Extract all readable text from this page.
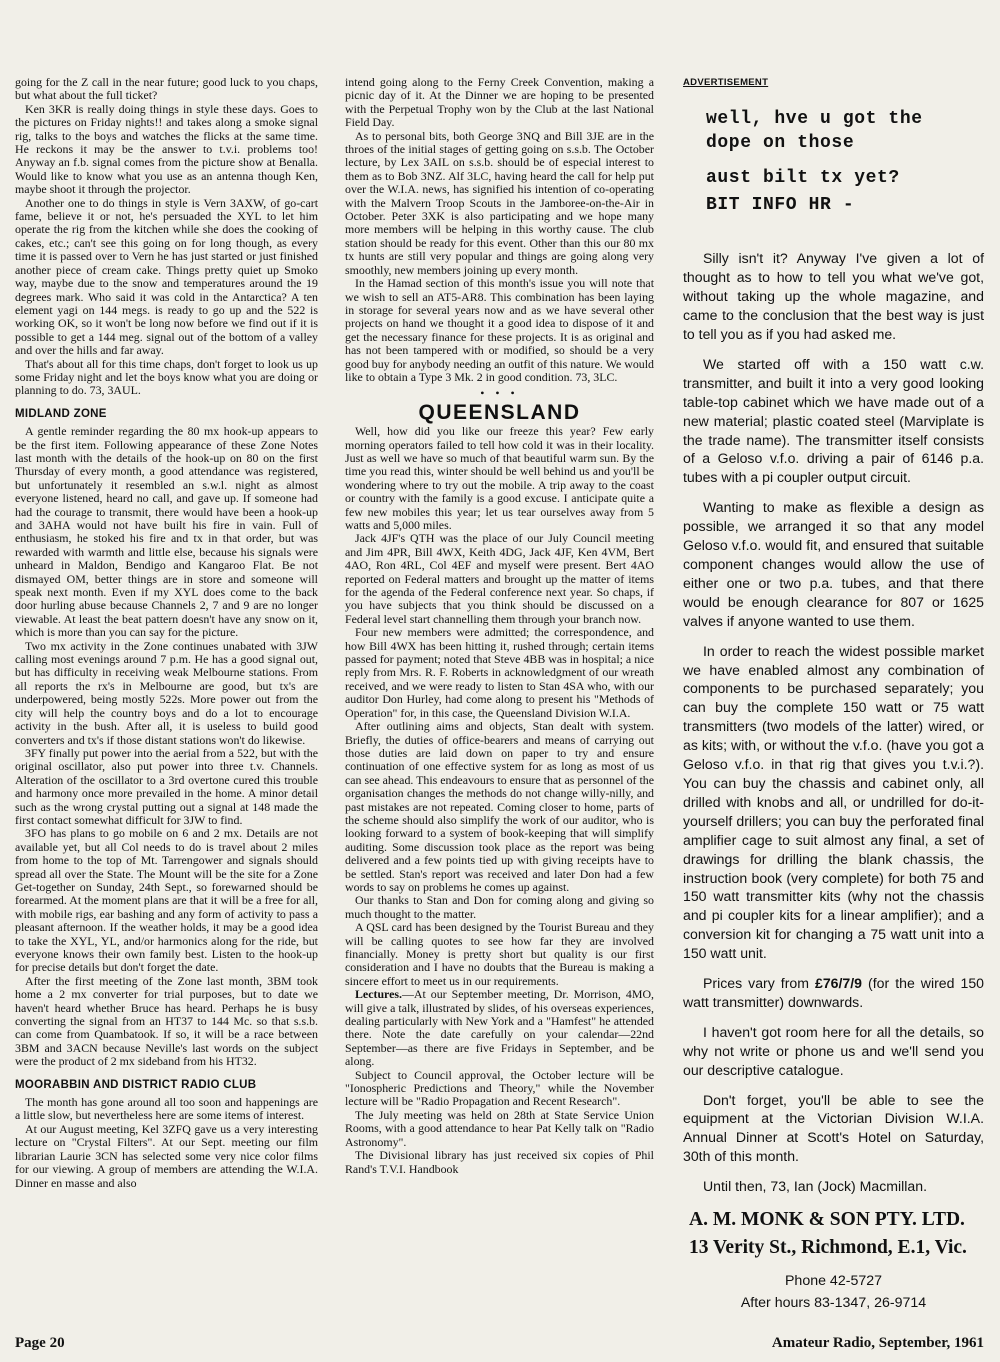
going for the Z call in the near future; good luck to you chaps, but what about the full ticket?

Ken 3KR is really doing things in style these days. Goes to the pictures on Friday nights!! and takes along a smoke signal rig, talks to the boys and watches the flicks at the same time. He reckons it may be the answer to t.v.i. problems too! Anyway an f.b. signal comes from the picture show at Benalla. Would like to know what you use as an antenna though Ken, maybe shoot it through the projector.

Another one to do things in style is Vern 3AXW, of go-cart fame, believe it or not, he's persuaded the XYL to let him operate the rig from the kitchen while she does the cooking of cakes, etc.; can't see this going on for long though, as every time it is passed over to Vern he has just started or just finished another piece of cream cake. Things pretty quiet up Smoko way, maybe due to the snow and temperatures around the 19 degrees mark. Who said it was cold in the Antarctica? A ten element yagi on 144 megs. is ready to go up and the 522 is working OK, so it won't be long now before we find out if it is possible to get a 144 meg. signal out of the bottom of a valley and over the hills and far away.

That's about all for this time chaps, don't forget to look us up some Friday night and let the boys know what you are doing or planning to do. 73, 3AUL.

MIDLAND ZONE

A gentle reminder regarding the 80 mx hook-up appears to be the first item. Following appearance of these Zone Notes last month with the details of the hook-up on 80 on the first Thursday of every month, a good attendance was registered, but unfortunately it resembled an s.w.l. night as almost everyone listened, heard no call, and gave up. If someone had had the courage to transmit, there would have been a hook-up and 3AHA would not have built his fire in vain. Full of enthusiasm, he stoked his fire and tx in that order, but was rewarded with warmth and little else, because his signals were unheard in Maldon, Bendigo and Kangaroo Flat. Be not dismayed OM, better things are in store and someone will speak next month. Even if my XYL does come to the back door hurling abuse because Channels 2, 7 and 9 are no longer viewable. At least the beat pattern doesn't have any snow on it, which is more than you can say for the picture.

Two mx activity in the Zone continues unabated with 3JW calling most evenings around 7 p.m. He has a good signal out, but has difficulty in receiving weak Melbourne stations. From all reports the rx's in Melbourne are good, but tx's are underpowered, being mostly 522s. More power out from the city will help the country boys and do a lot to encourage activity in the bush. After all, it is useless to build good converters and tx's if those distant stations won't do likewise.

3FY finally put power into the aerial from a 522, but with the original oscillator, also put power into three t.v. Channels. Alteration of the oscillator to a 3rd overtone cured this trouble and harmony once more prevailed in the home. A minor detail such as the wrong crystal putting out a signal at 148 made the first contact somewhat difficult for 3JW to find.

3FO has plans to go mobile on 6 and 2 mx. Details are not available yet, but all Col needs to do is travel about 2 miles from home to the top of Mt. Tarrengower and signals should spread all over the State. The Mount will be the site for a Zone Get-together on Sunday, 24th Sept., so forewarned should be forearmed. At the moment plans are that it will be a free for all, with mobile rigs, ear bashing and any form of activity to pass a pleasant afternoon. If the weather holds, it may be a good idea to take the XYL, YL, and/or harmonics along for the ride, but everyone knows their own family best. Listen to the hook-up for precise details but don't forget the date.

After the first meeting of the Zone last month, 3BM took home a 2 mx converter for trial purposes, but to date we haven't heard whether Bruce has heard. Perhaps he is busy converting the signal from an HT37 to 144 Mc. so that s.s.b. can come from Quambatook. If so, it will be a race between 3BM and 3ACN because Neville's last words on the subject were the product of 2 mx sideband from his HT32.

MOORABBIN AND DISTRICT RADIO CLUB

The month has gone around all too soon and happenings are a little slow, but nevertheless here are some items of interest.

At our August meeting, Kel 3ZFQ gave us a very interesting lecture on "Crystal Filters". At our Sept. meeting our film librarian Laurie 3CN has selected some very nice color films for our viewing. A group of members are attending the W.I.A. Dinner en masse and also

intend going along to the Ferny Creek Convention, making a picnic day of it. At the Dinner we are hoping to be presented with the Perpetual Trophy won by the Club at the last National Field Day.

As to personal bits, both George 3NQ and Bill 3JE are in the throes of the initial stages of getting going on s.s.b. The October lecture, by Lex 3AIL on s.s.b. should be of especial interest to them as to Bob 3NZ. Alf 3LC, having heard the call for help put over the W.I.A. news, has signified his intention of co-operating with the Malvern Troop Scouts in the Jamboree-on-the-Air in October. Peter 3XK is also participating and we hope many more members will be helping in this worthy cause. The club station should be ready for this event. Other than this our 80 mx tx hunts are still very popular and things are going along very smoothly, new members joining up every month.

In the Hamad section of this month's issue you will note that we wish to sell an AT5-AR8. This combination has been laying in storage for several years now and as we have several other projects on hand we thought it a good idea to dispose of it and get the necessary finance for these projects. It is as original and has not been tampered with or modified, so should be a very good buy for anybody needing an outfit of this nature. We would like to obtain a Type 3 Mk. 2 in good condition. 73, 3LC.

• • •
QUEENSLAND

Well, how did you like our freeze this year? Few early morning operators failed to tell how cold it was in their locality. Just as well we have so much of that beautiful warm sun. By the time you read this, winter should be well behind us and you'll be wondering where to try out the mobile. A trip away to the coast or country with the family is a good excuse. I anticipate quite a few new mobiles this year; let us tear ourselves away from 5 watts and 5,000 miles.

Jack 4JF's QTH was the place of our July Council meeting and Jim 4PR, Bill 4WX, Keith 4DG, Jack 4JF, Ken 4VM, Bert 4AO, Ron 4RL, Col 4EF and myself were present. Bert 4AO reported on Federal matters and brought up the matter of items for the agenda of the Federal conference next year. So chaps, if you have subjects that you think should be discussed on a Federal level start channelling them through your branch now.

Four new members were admitted; the correspondence, and how Bill 4WX has been hitting it, rushed through; certain items passed for payment; noted that Steve 4BB was in hospital; a nice reply from Mrs. R. F. Roberts in acknowledgment of our wreath received, and we were ready to listen to Stan 4SA who, with our auditor Don Hurley, had come along to present his "Methods of Operation" for, in this case, the Queensland Division W.I.A.

After outlining aims and objects, Stan dealt with system. Briefly, the duties of office-bearers and means of carrying out those duties are laid down on paper to try and ensure continuation of one effective system for as long as most of us can see ahead. This endeavours to ensure that as personnel of the organisation changes the methods do not change willy-nilly, and past mistakes are not repeated. Coming closer to home, parts of the scheme should also simplify the work of our auditor, who is looking forward to a system of book-keeping that will simplify auditing. Some discussion took place as the report was being delivered and a few points tied up with giving receipts have to be settled. Stan's report was received and later Don had a few words to say on problems he comes up against.

Our thanks to Stan and Don for coming along and giving so much thought to the matter.

A QSL card has been designed by the Tourist Bureau and they will be calling quotes to see how far they are involved financially. Money is pretty short but quality is our first consideration and I have no doubts that the Bureau is making a sincere effort to meet us in our requirements.

Lectures.—At our September meeting, Dr. Morrison, 4MO, will give a talk, illustrated by slides, of his overseas experiences, dealing particularly with New York and a "Hamfest" he attended there. Note the date carefully on your calendar—22nd September—as there are five Fridays in September, and be along.

Subject to Council approval, the October lecture will be "Ionospheric Predictions and Theory," while the November lecture will be "Radio Propagation and Recent Research".

The July meeting was held on 28th at State Service Union Rooms, with a good attendance to hear Pat Kelly talk on "Radio Astronomy".

The Divisional library has just received six copies of Phil Rand's T.V.I. Handbook

ADVERTISEMENT
well, hve u got the
dope on those
aust bilt tx yet?
BIT INFO HR -

Silly isn't it? Anyway I've given a lot of thought as to how to tell you what we've got, without taking up the whole magazine, and came to the conclusion that the best way is just to tell you as if you had asked me.

We started off with a 150 watt c.w. transmitter, and built it into a very good looking table-top cabinet which we have made out of a new material; plastic coated steel (Marviplate is the trade name). The transmitter itself consists of a Geloso v.f.o. driving a pair of 6146 p.a. tubes with a pi coupler output circuit.

Wanting to make as flexible a design as possible, we arranged it so that any model Geloso v.f.o. would fit, and ensured that suitable component changes would allow the use of either one or two p.a. tubes, and that there would be enough clearance for 807 or 1625 valves if anyone wanted to use them.

In order to reach the widest possible market we have enabled almost any combination of components to be purchased separately; you can buy the complete 150 watt or 75 watt transmitters (two models of the latter) wired, or as kits; with, or without the v.f.o. (have you got a Geloso v.f.o. in that rig that gives you t.v.i.?). You can buy the chassis and cabinet only, all drilled with knobs and all, or undrilled for do-it-yourself drillers; you can buy the perforated final amplifier cage to suit almost any final, a set of drawings for drilling the blank chassis, the instruction book (very complete) for both 75 and 150 watt transmitter kits (why not the chassis and pi coupler kits for a linear amplifier); and a conversion kit for changing a 75 watt unit into a 150 watt unit.

Prices vary from £76/7/9 (for the wired 150 watt transmitter) downwards.

I haven't got room here for all the details, so why not write or phone us and we'll send you our descriptive catalogue.

Don't forget, you'll be able to see the equipment at the Victorian Division W.I.A. Annual Dinner at Scott's Hotel on Saturday, 30th of this month.

Until then, 73, Ian (Jock) Macmillan.

A. M. MONK & SON PTY. LTD.
13 Verity St., Richmond, E.1, Vic.
Phone 42-5727
After hours 83-1347, 26-9714
Page 20	Amateur Radio, September, 1961
